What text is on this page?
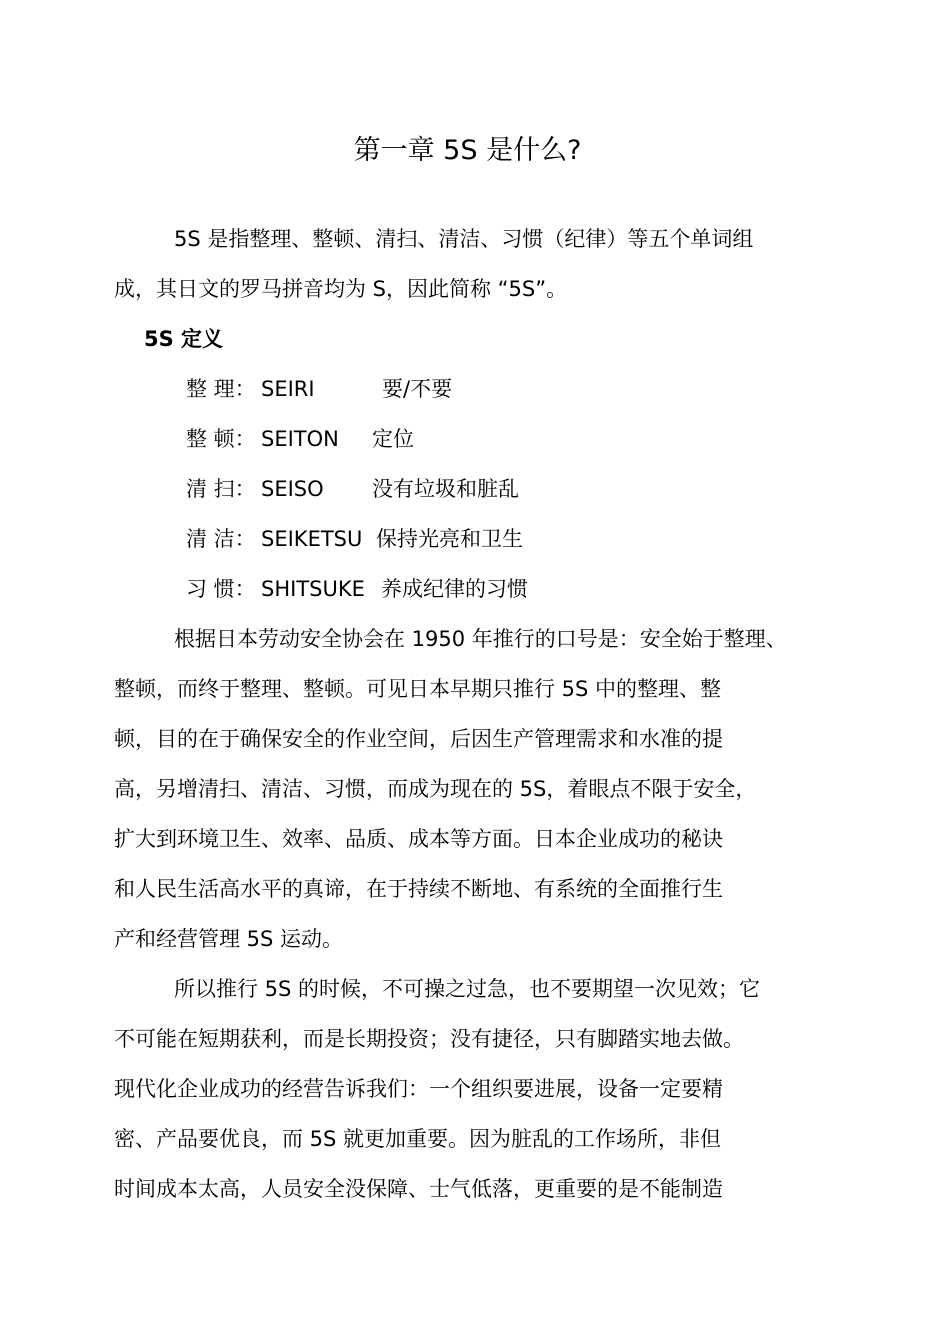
第一章 5S 是什么?

5S 是指整理、整顿、清扫、清洁、习惯（纪律）等五个单词组
成，其日文的罗马拼音均为 S，因此简称 “5S”。

5S 定义

整 理： SEIRI	要/不要
整 顿： SEITON 定位
清 扫： SEISO 没有垃圾和脏乱
清 洁： SEIKETSU 保持光亮和卫生
习 惯： SHITSUKE 养成纪律的习惯

根据日本劳动安全协会在 1950 年推行的口号是：安全始于整理、
整顿，而终于整理、整顿。可见日本早期只推行 5S 中的整理、整
顿，目的在于确保安全的作业空间，后因生产管理需求和水准的提
高，另增清扫、清洁、习惯，而成为现在的 5S，着眼点不限于安全，
扩大到环境卫生、效率、品质、成本等方面。日本企业成功的秘诀
和人民生活高水平的真谛，在于持续不断地、有系统的全面推行生
产和经营管理 5S 运动。

所以推行 5S 的时候，不可操之过急，也不要期望一次见效；它
不可能在短期获利，而是长期投资；没有捷径，只有脚踏实地去做。
现代化企业成功的经营告诉我们：一个组织要进展，设备一定要精
密、产品要优良，而 5S 就更加重要。因为脏乱的工作场所，非但
时间成本太高，人员安全没保障、士气低落，更重要的是不能制造
